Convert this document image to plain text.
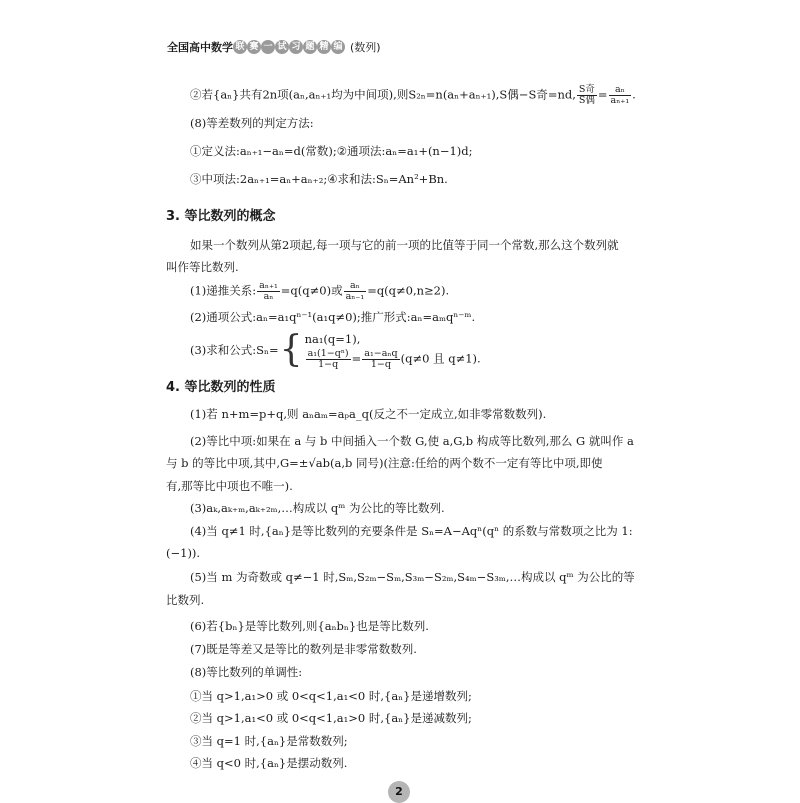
全国高中数学 联 赛 一 试 习 题 精 编 (数列)
②若{aₙ}共有2n项(aₙ,aₙ₊₁均为中间项),则S₂ₙ=n(aₙ+aₙ₊₁),S偶−S奇=nd, $\frac{\text{S奇}}{\text{S偶}} = \frac{\text{aₙ}}{\text{aₙ₊₁}}$ .
(8)等差数列的判定方法:
①定义法:aₙ₊₁−aₙ=d(常数);②通项法:aₙ=a₁+(n−1)d;
③中项法:2aₙ₊₁=aₙ+aₙ₊₂;④求和法:Sₙ=An²+Bn.
3. 等比数列的概念
如果一个数列从第2项起,每一项与它的前一项的比值等于同一个常数,那么这个数列就
叫作等比数列.
(1)递推关系: $\frac{\text{aₙ₊₁}}{\text{aₙ}} =q(q\ne 0)$或 $\frac{\text{aₙ}}{\text{aₙ₋₁}} =q(q\ne 0,n\ge 2)$.
(2)通项公式:aₙ=a₁qⁿ⁻¹(a₁q≠0);推广形式:aₙ=aₘqⁿ⁻ᵐ.
(3)求和公式:Sₙ= { na₁(q=1),
$\frac{\text{a₁(1−qⁿ)}}{1-q} = \frac{\text{a₁−aₙq}}{1-q} (q\ne 0$ 且 q≠1).
4. 等比数列的性质
(1)若 n+m=p+q,则 aₙaₘ=aₚa_q(反之不一定成立,如非零常数数列).
(2)等比中项:如果在 a 与 b 中间插入一个数 G,使 a,G,b 构成等比数列,那么 G 就叫作 a
与 b 的等比中项,其中,G=±√ab(a,b 同号)(注意:任给的两个数不一定有等比中项,即使
有,那等比中项也不唯一).
(3)aₖ,aₖ₊ₘ,aₖ₊₂ₘ,…构成以 qᵐ 为公比的等比数列.
(4)当 q≠1 时,{aₙ}是等比数列的充要条件是 Sₙ=A−Aqⁿ(qⁿ 的系数与常数项之比为 1:
(−1)).
(5)当 m 为奇数或 q≠−1 时,Sₘ,S₂ₘ−Sₘ,S₃ₘ−S₂ₘ,S₄ₘ−S₃ₘ,…构成以 qᵐ 为公比的等
比数列.
(6)若{bₙ}是等比数列,则{aₙbₙ}也是等比数列.
(7)既是等差又是等比的数列是非零常数数列.
(8)等比数列的单调性:
①当 q>1,a₁>0 或 0<q<1,a₁<0 时,{aₙ}是递增数列;
②当 q>1,a₁<0 或 0<q<1,a₁>0 时,{aₙ}是递减数列;
③当 q=1 时,{aₙ}是常数数列;
④当 q<0 时,{aₙ}是摆动数列.
2
